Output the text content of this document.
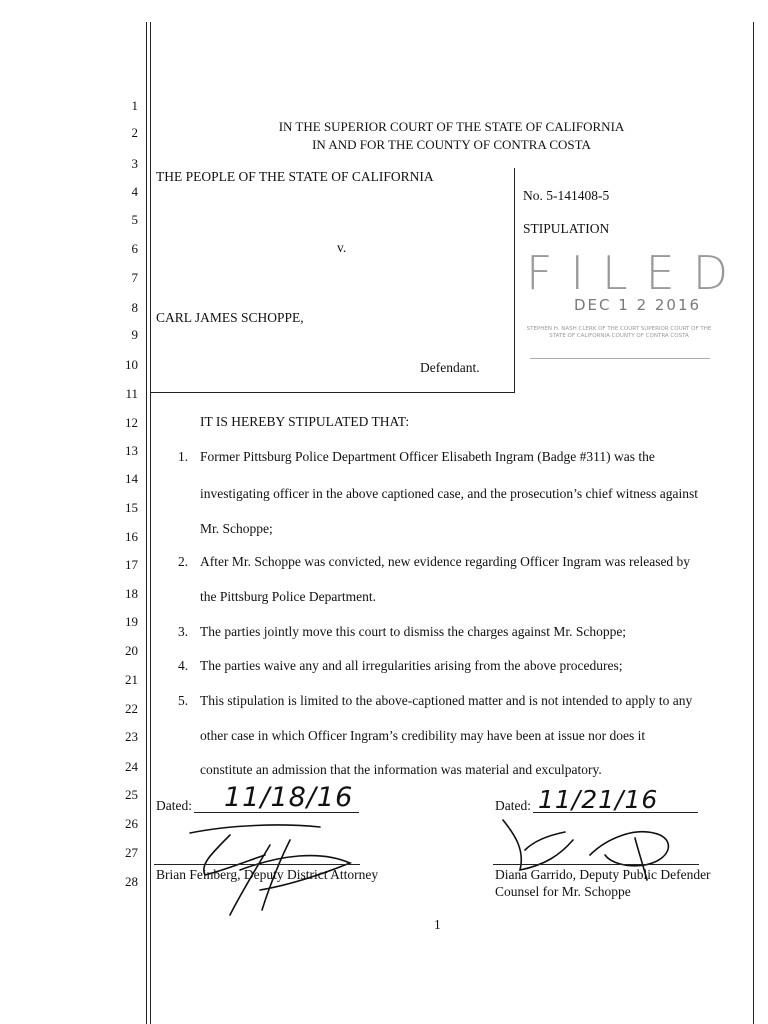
1
2
3
4
5
6
7
8
9
10
11
12
13
14
15
16
17
18
19
20
21
22
23
24
25
26
27
28
IN THE SUPERIOR COURT OF THE STATE OF CALIFORNIA
IN AND FOR THE COUNTY OF CONTRA COSTA
THE PEOPLE OF THE STATE OF CALIFORNIA
v.
CARL JAMES SCHOPPE,
Defendant.
No. 5-141408-5
STIPULATION
FILED
DEC 1 2 2016
STEPHEN H. NASH CLERK OF THE COURT SUPERIOR COURT OF THE STATE OF CALIFORNIA COUNTY OF CONTRA COSTA
IT IS HEREBY STIPULATED THAT:
1. Former Pittsburg Police Department Officer Elisabeth Ingram (Badge #311) was the
investigating officer in the above captioned case, and the prosecution’s chief witness against
Mr. Schoppe;
2. After Mr. Schoppe was convicted, new evidence regarding Officer Ingram was released by
the Pittsburg Police Department.
3. The parties jointly move this court to dismiss the charges against Mr. Schoppe;
4. The parties waive any and all irregularities arising from the above procedures;
5. This stipulation is limited to the above-captioned matter and is not intended to apply to any
other case in which Officer Ingram’s credibility may have been at issue nor does it
constitute an admission that the information was material and exculpatory.
Dated: 11/18/16
Brian Feinberg, Deputy District Attorney
Dated: 11/21/16
Diana Garrido, Deputy Public Defender
Counsel for Mr. Schoppe
1
